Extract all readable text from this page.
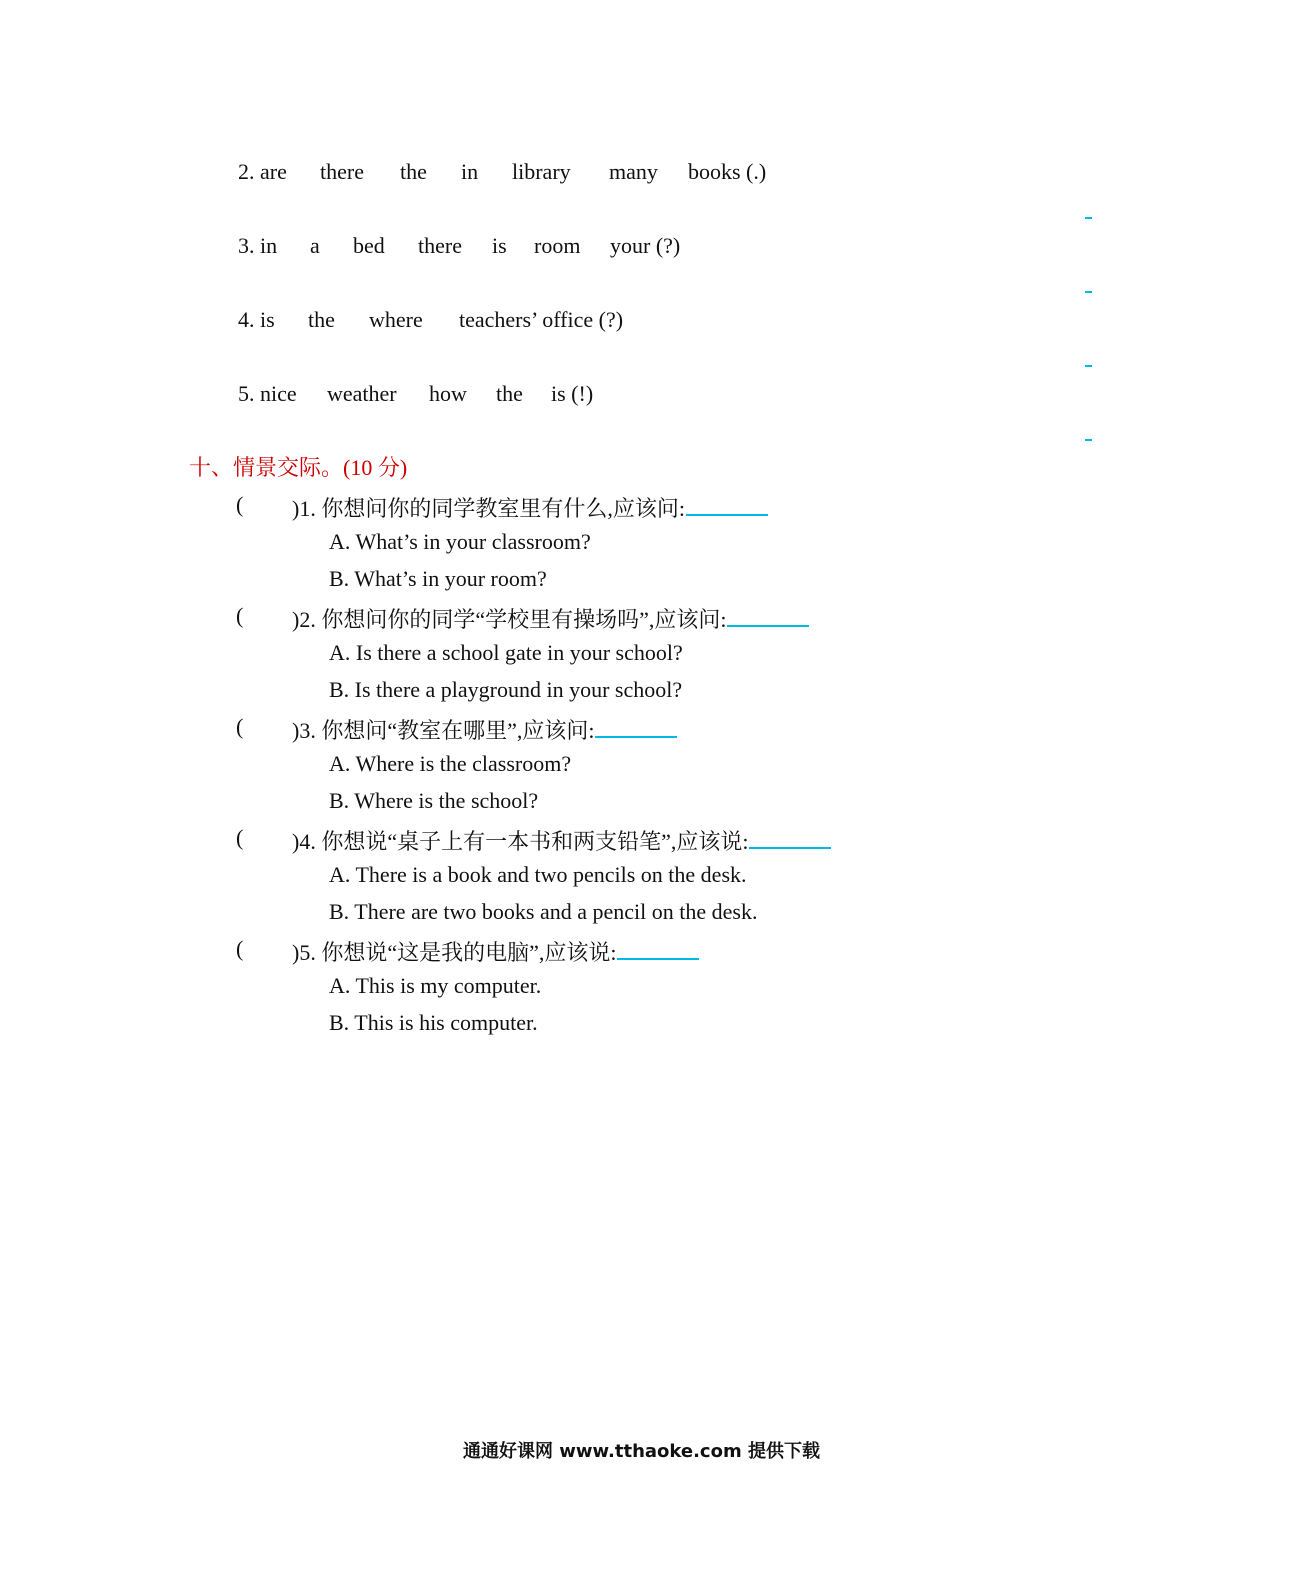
2. are there the in library many books (.)
3. in a bed there is room your (?)
4. is the where teachers’ office (?)
5. nice weather how the is (!)
十、情景交际。(10 分)
( )1. 你想问你的同学教室里有什么,应该问:
A. What’s in your classroom?
B. What’s in your room?
( )2. 你想问你的同学“学校里有操场吗”,应该问:
A. Is there a school gate in your school?
B. Is there a playground in your school?
( )3. 你想问“教室在哪里”,应该问:
A. Where is the classroom?
B. Where is the school?
( )4. 你想说“桌子上有一本书和两支铅笔”,应该说:
A. There is a book and two pencils on the desk.
B. There are two books and a pencil on the desk.
( )5. 你想说“这是我的电脑”,应该说:
A. This is my computer.
B. This is his computer.
通通好课网 www.tthaoke.com 提供下载
